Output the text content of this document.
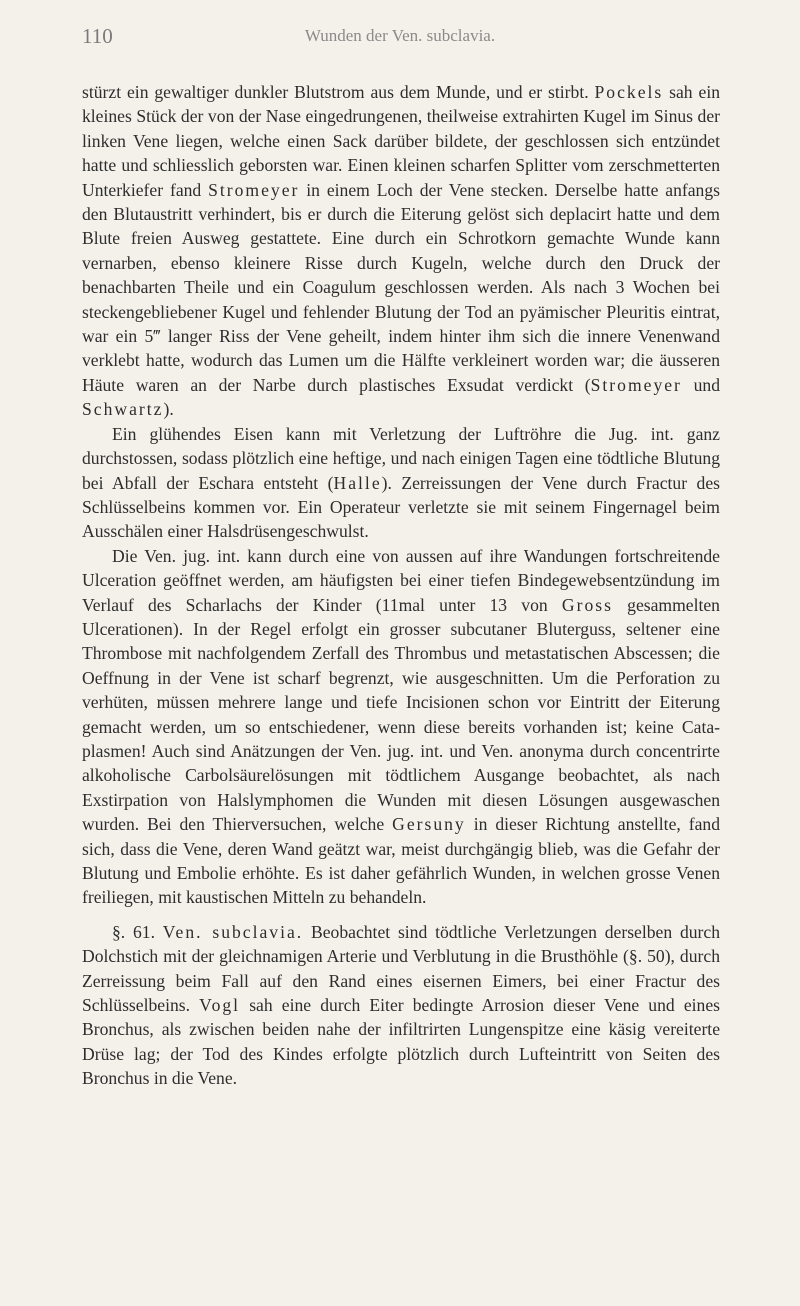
110	Wunden der Ven. subclavia.

stürzt ein gewaltiger dunkler Blutstrom aus dem Munde, und er stirbt. Pockels sah ein kleines Stück der von der Nase eingedrungenen, theilweise extrahirten Kugel im Sinus der linken Vene liegen, welche einen Sack darüber bildete, der geschlossen sich entzündet hatte und schliesslich geborsten war. Einen kleinen scharfen Splitter vom zerschmetterten Unterkiefer fand Stromeyer in einem Loch der Vene stecken. Derselbe hatte anfangs den Blutaustritt verhindert, bis er durch die Eiterung gelöst sich deplacirt hatte und dem Blute freien Ausweg gestattete. Eine durch ein Schrotkorn gemachte Wunde kann vernarben, ebenso kleinere Risse durch Kugeln, welche durch den Druck der benachbarten Theile und ein Coagulum geschlossen werden. Als nach 3 Wochen bei steckengebliebener Kugel und fehlender Blutung der Tod an pyämischer Pleuritis eintrat, war ein 5‴ langer Riss der Vene geheilt, indem hinter ihm sich die innere Venenwand verklebt hatte, wodurch das Lumen um die Hälfte verkleinert worden war; die äusseren Häute waren an der Narbe durch plastisches Exsudat verdickt (Stromeyer und Schwartz).

Ein glühendes Eisen kann mit Verletzung der Luftröhre die Jug. int. ganz durchstossen, sodass plötzlich eine heftige, und nach einigen Tagen eine tödtliche Blutung bei Abfall der Eschara entsteht (Halle). Zerreissungen der Vene durch Fractur des Schlüsselbeins kommen vor. Ein Operateur verletzte sie mit seinem Fingernagel beim Ausschälen einer Halsdrüsengeschwulst.

Die Ven. jug. int. kann durch eine von aussen auf ihre Wandungen fortschreitende Ulceration geöffnet werden, am häufigsten bei einer tiefen Bindegewebsentzündung im Verlauf des Scharlachs der Kinder (11mal unter 13 von Gross gesammelten Ulcerationen). In der Regel erfolgt ein grosser subcutaner Bluterguss, seltener eine Thrombose mit nachfolgendem Zerfall des Thrombus und metastatischen Abscessen; die Oeffnung in der Vene ist scharf begrenzt, wie ausgeschnitten. Um die Perforation zu verhüten, müssen mehrere lange und tiefe Incisionen schon vor Eintritt der Eiterung gemacht werden, um so entschiedener, wenn diese bereits vorhanden ist; keine Cataplasmen! Auch sind Anätzungen der Ven. jug. int. und Ven. anonyma durch concentrirte alkoholische Carbolsäurelösungen mit tödtlichem Ausgange beobachtet, als nach Exstirpation von Halslymphomen die Wunden mit diesen Lösungen ausgewaschen wurden. Bei den Thierversuchen, welche Gersuny in dieser Richtung anstellte, fand sich, dass die Vene, deren Wand geätzt war, meist durchgängig blieb, was die Gefahr der Blutung und Embolie erhöhte. Es ist daher gefährlich Wunden, in welchen grosse Venen freiliegen, mit kaustischen Mitteln zu behandeln.

§. 61. Ven. subclavia. Beobachtet sind tödtliche Verletzungen derselben durch Dolchstich mit der gleichnamigen Arterie und Verblutung in die Brusthöhle (§. 50), durch Zerreissung beim Fall auf den Rand eines eisernen Eimers, bei einer Fractur des Schlüsselbeins. Vogl sah eine durch Eiter bedingte Arrosion dieser Vene und eines Bronchus, als zwischen beiden nahe der infiltrirten Lungenspitze eine käsig vereiterte Drüse lag; der Tod des Kindes erfolgte plötzlich durch Lufteintritt von Seiten des Bronchus in die Vene.
